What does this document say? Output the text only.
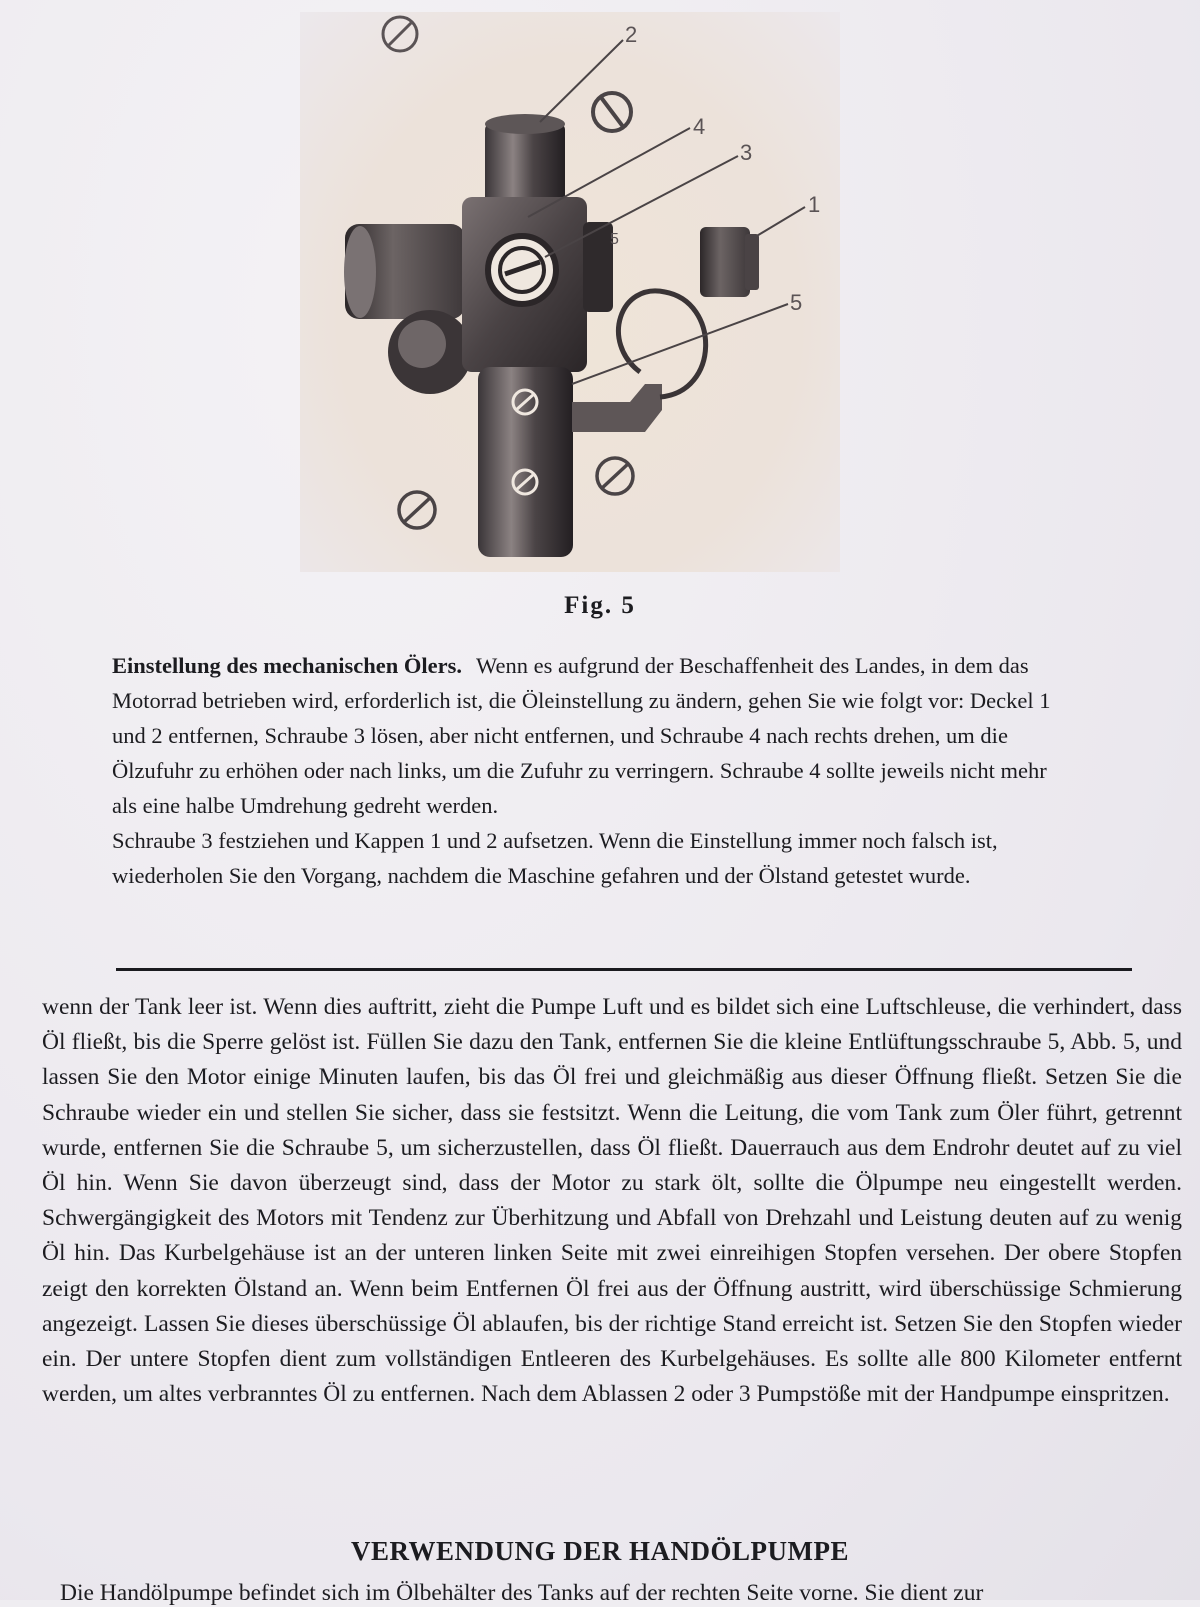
2
4
3
1
5
5
Fig. 5

Einstellung des mechanischen Ölers. Wenn es aufgrund der Beschaffenheit des Landes, in dem das Motorrad betrieben wird, erforderlich ist, die Öleinstellung zu ändern, gehen Sie wie folgt vor: Deckel 1 und 2 entfernen, Schraube 3 lösen, aber nicht entfernen, und Schraube 4 nach rechts drehen, um die Ölzufuhr zu erhöhen oder nach links, um die Zufuhr zu verringern. Schraube 4 sollte jeweils nicht mehr als eine halbe Umdrehung gedreht werden.

Schraube 3 festziehen und Kappen 1 und 2 aufsetzen. Wenn die Einstellung immer noch falsch ist, wiederholen Sie den Vorgang, nachdem die Maschine gefahren und der Ölstand getestet wurde.

wenn der Tank leer ist. Wenn dies auftritt, zieht die Pumpe Luft und es bildet sich eine Luftschleuse, die verhindert, dass Öl fließt, bis die Sperre gelöst ist. Füllen Sie dazu den Tank, entfernen Sie die kleine Entlüftungsschraube 5, Abb. 5, und lassen Sie den Motor einige Minuten laufen, bis das Öl frei und gleichmäßig aus dieser Öffnung fließt. Setzen Sie die Schraube wieder ein und stellen Sie sicher, dass sie festsitzt. Wenn die Leitung, die vom Tank zum Öler führt, getrennt wurde, entfernen Sie die Schraube 5, um sicherzustellen, dass Öl fließt. Dauerrauch aus dem Endrohr deutet auf zu viel Öl hin. Wenn Sie davon überzeugt sind, dass der Motor zu stark ölt, sollte die Ölpumpe neu eingestellt werden. Schwergängigkeit des Motors mit Tendenz zur Überhitzung und Abfall von Drehzahl und Leistung deuten auf zu wenig Öl hin. Das Kurbelgehäuse ist an der unteren linken Seite mit zwei einreihigen Stopfen versehen. Der obere Stopfen zeigt den korrekten Ölstand an. Wenn beim Entfernen Öl frei aus der Öffnung austritt, wird überschüssige Schmierung angezeigt. Lassen Sie dieses überschüssige Öl ablaufen, bis der richtige Stand erreicht ist. Setzen Sie den Stopfen wieder ein. Der untere Stopfen dient zum vollständigen Entleeren des Kurbelgehäuses. Es sollte alle 800 Kilometer entfernt werden, um altes verbranntes Öl zu entfernen. Nach dem Ablassen 2 oder 3 Pumpstöße mit der Handpumpe einspritzen.

VERWENDUNG DER HANDÖLPUMPE
Die Handölpumpe befindet sich im Ölbehälter des Tanks auf der rechten Seite vorne. Sie dient zur
